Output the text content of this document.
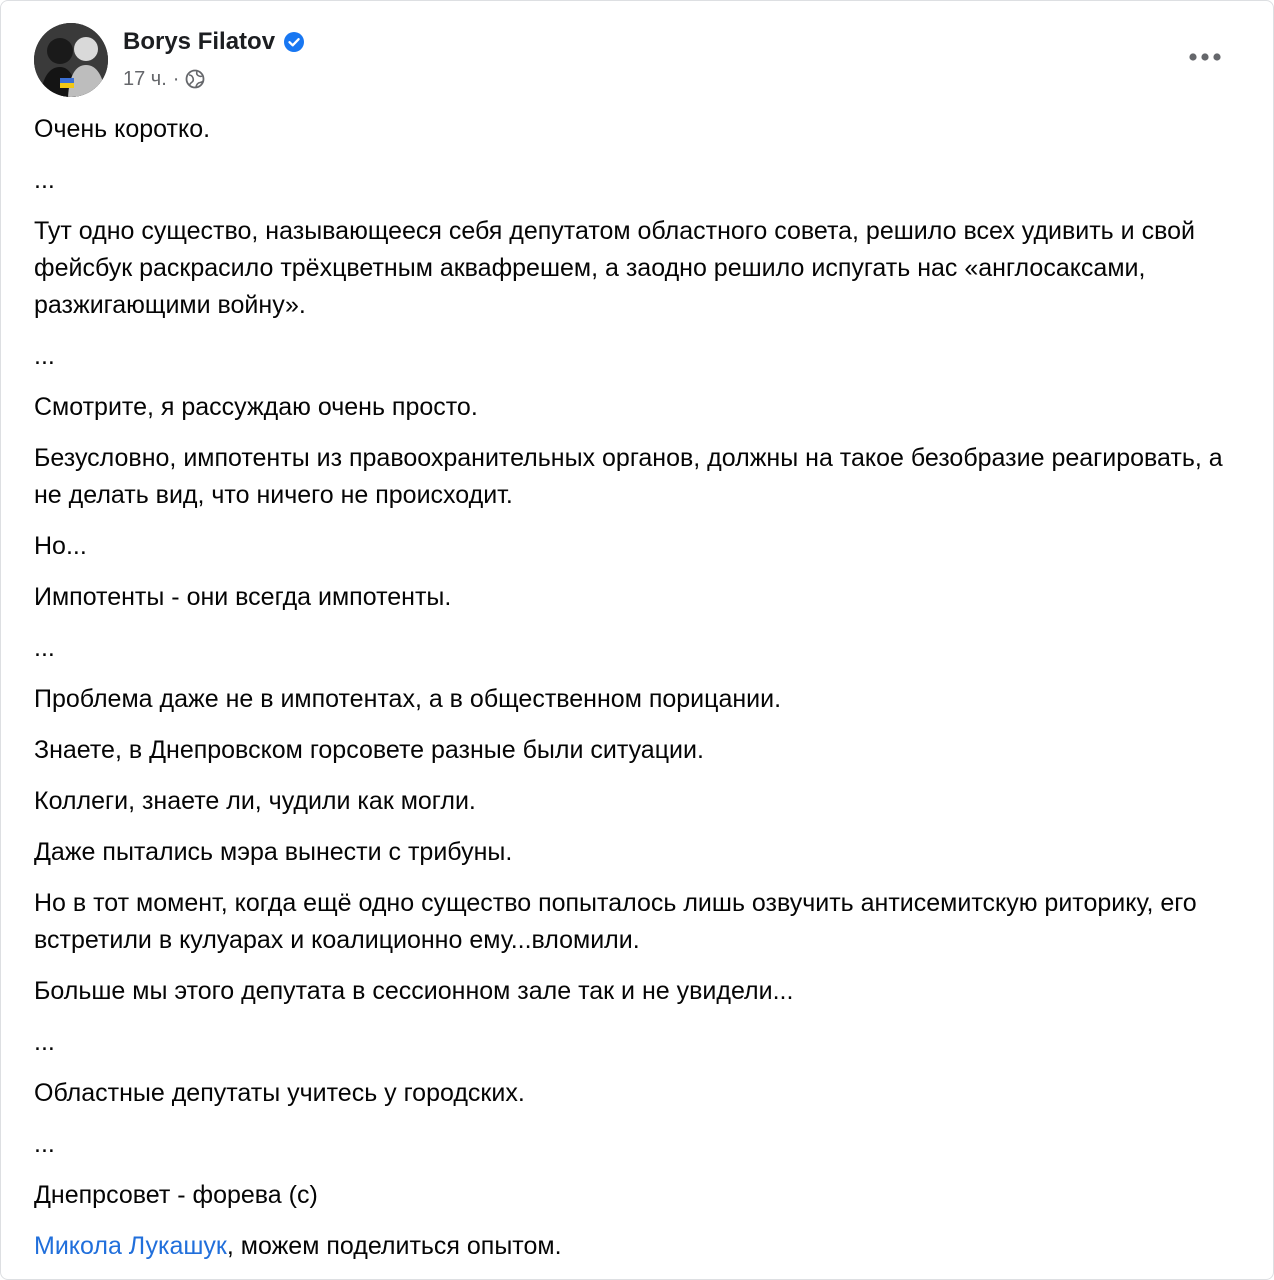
Borys Filatov
17 ч. ·
Очень коротко.
...
Тут одно существо, называющееся себя депутатом областного совета, решило всех удивить и свой фейсбук раскрасило трёхцветным аквафрешем, а заодно решило испугать нас «англосаксами, разжигающими войну».
...
Смотрите, я рассуждаю очень просто.
Безусловно, импотенты из правоохранительных органов, должны на такое безобразие реагировать, а не делать вид, что ничего не происходит.
Но...
Импотенты - они всегда импотенты.
...
Проблема даже не в импотентах, а в общественном порицании.
Знаете, в Днепровском горсовете разные были ситуации.
Коллеги, знаете ли, чудили как могли.
Даже пытались мэра вынести с трибуны.
Но в тот момент, когда ещё одно существо попыталось лишь озвучить антисемитскую риторику, его встретили в кулуарах и коалиционно ему...вломили.
Больше мы этого депутата в сессионном зале так и не увидели...
...
Областные депутаты учитесь у городских.
...
Днепрсовет - форева (с)
Микола Лукашук, можем поделиться опытом.
